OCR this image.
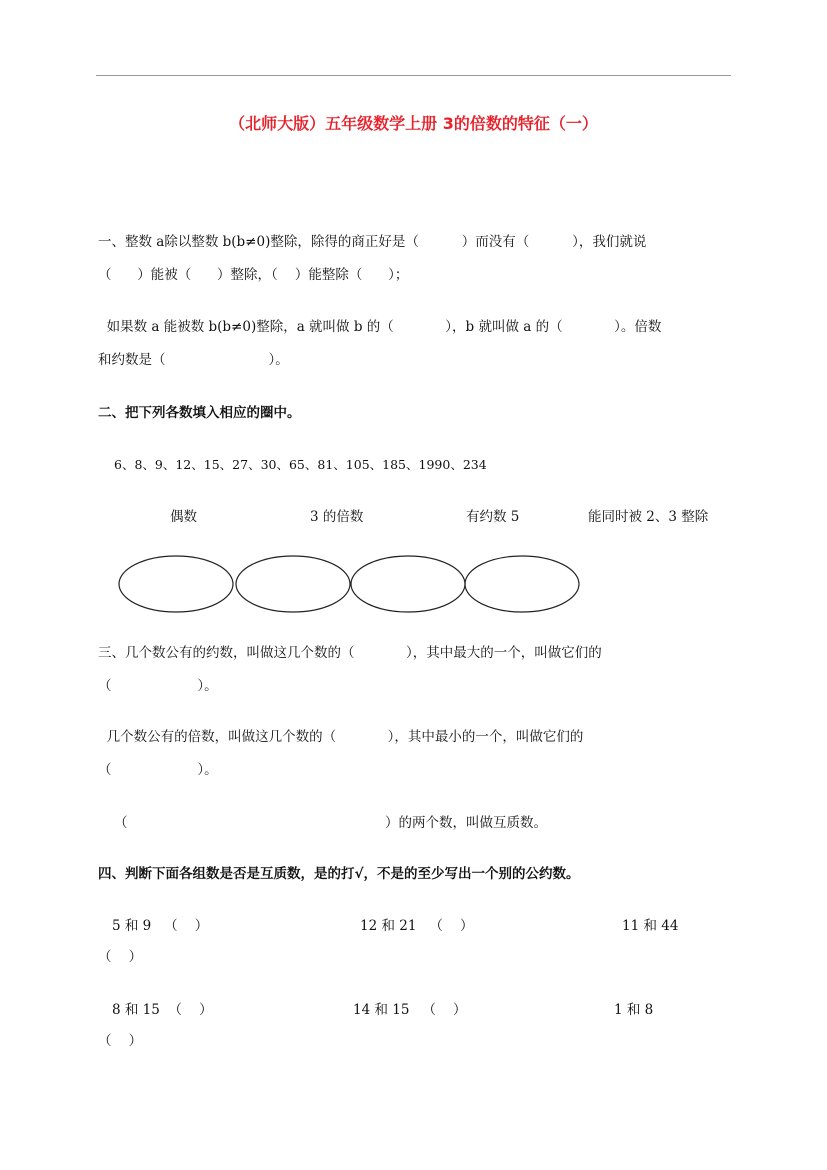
（北师大版）五年级数学上册 3的倍数的特征（一）
一、整数 a除以整数 b(b≠0)整除，除得的商正好是（          ）而没有（          ），我们就说
（      ）能被（      ）整除，（    ）能整除（      ）；
如果数 a 能被数 b(b≠0)整除，a 就叫做 b 的（            ），b 就叫做 a 的（            ）。倍数
和约数是（                        ）。
二、把下列各数填入相应的圈中。
6、8、9、12、15、27、30、65、81、105、185、1990、234
偶数	3 的倍数	有约数 5	能同时被 2、3 整除
三、几个数公有的约数，叫做这几个数的（            ），其中最大的一个，叫做它们的
（                    ）。
几个数公有的倍数，叫做这几个数的（            ），其中最小的一个，叫做它们的
（                    ）。
（                                                            ）的两个数，叫做互质数。
四、判断下面各组数是否是互质数，是的打√，不是的至少写出一个别的公约数。
5 和 9   （    ）	12 和 21   （    ）	11 和 44
（    ）
8 和 15  （    ）	14 和 15   （    ）	1 和 8
（    ）
